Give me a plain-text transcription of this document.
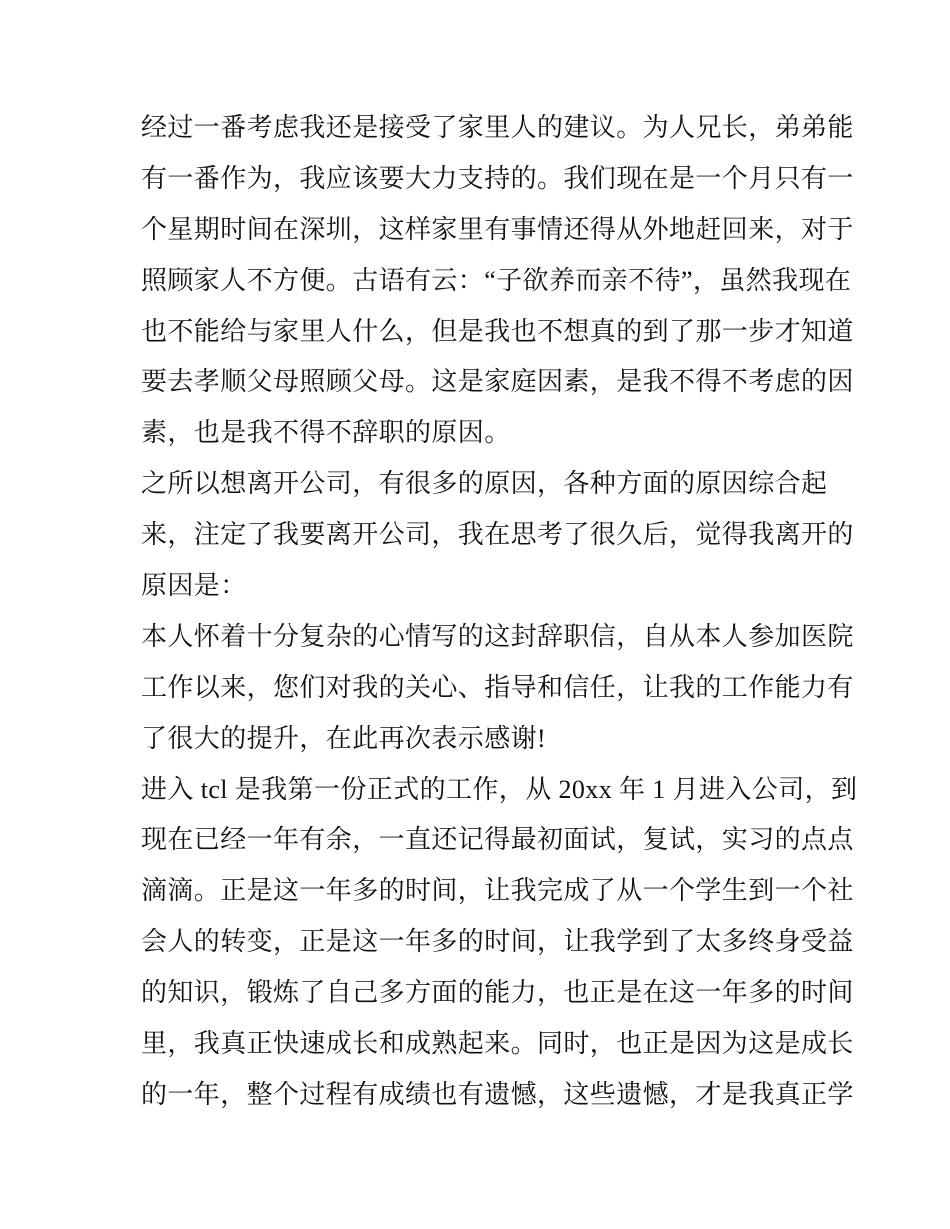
经过一番考虑我还是接受了家里人的建议。为人兄长，弟弟能
有一番作为，我应该要大力支持的。我们现在是一个月只有一
个星期时间在深圳，这样家里有事情还得从外地赶回来，对于
照顾家人不方便。古语有云：“子欲养而亲不待”，虽然我现在
也不能给与家里人什么，但是我也不想真的到了那一步才知道
要去孝顺父母照顾父母。这是家庭因素，是我不得不考虑的因
素，也是我不得不辞职的原因。
之所以想离开公司，有很多的原因，各种方面的原因综合起
来，注定了我要离开公司，我在思考了很久后，觉得我离开的
原因是：
本人怀着十分复杂的心情写的这封辞职信，自从本人参加医院
工作以来，您们对我的关心、指导和信任，让我的工作能力有
了很大的提升，在此再次表示感谢!
进入 tcl 是我第一份正式的工作，从 20xx 年 1 月进入公司，到
现在已经一年有余，一直还记得最初面试，复试，实习的点点
滴滴。正是这一年多的时间，让我完成了从一个学生到一个社
会人的转变，正是这一年多的时间，让我学到了太多终身受益
的知识，锻炼了自己多方面的能力，也正是在这一年多的时间
里，我真正快速成长和成熟起来。同时，也正是因为这是成长
的一年，整个过程有成绩也有遗憾，这些遗憾，才是我真正学
